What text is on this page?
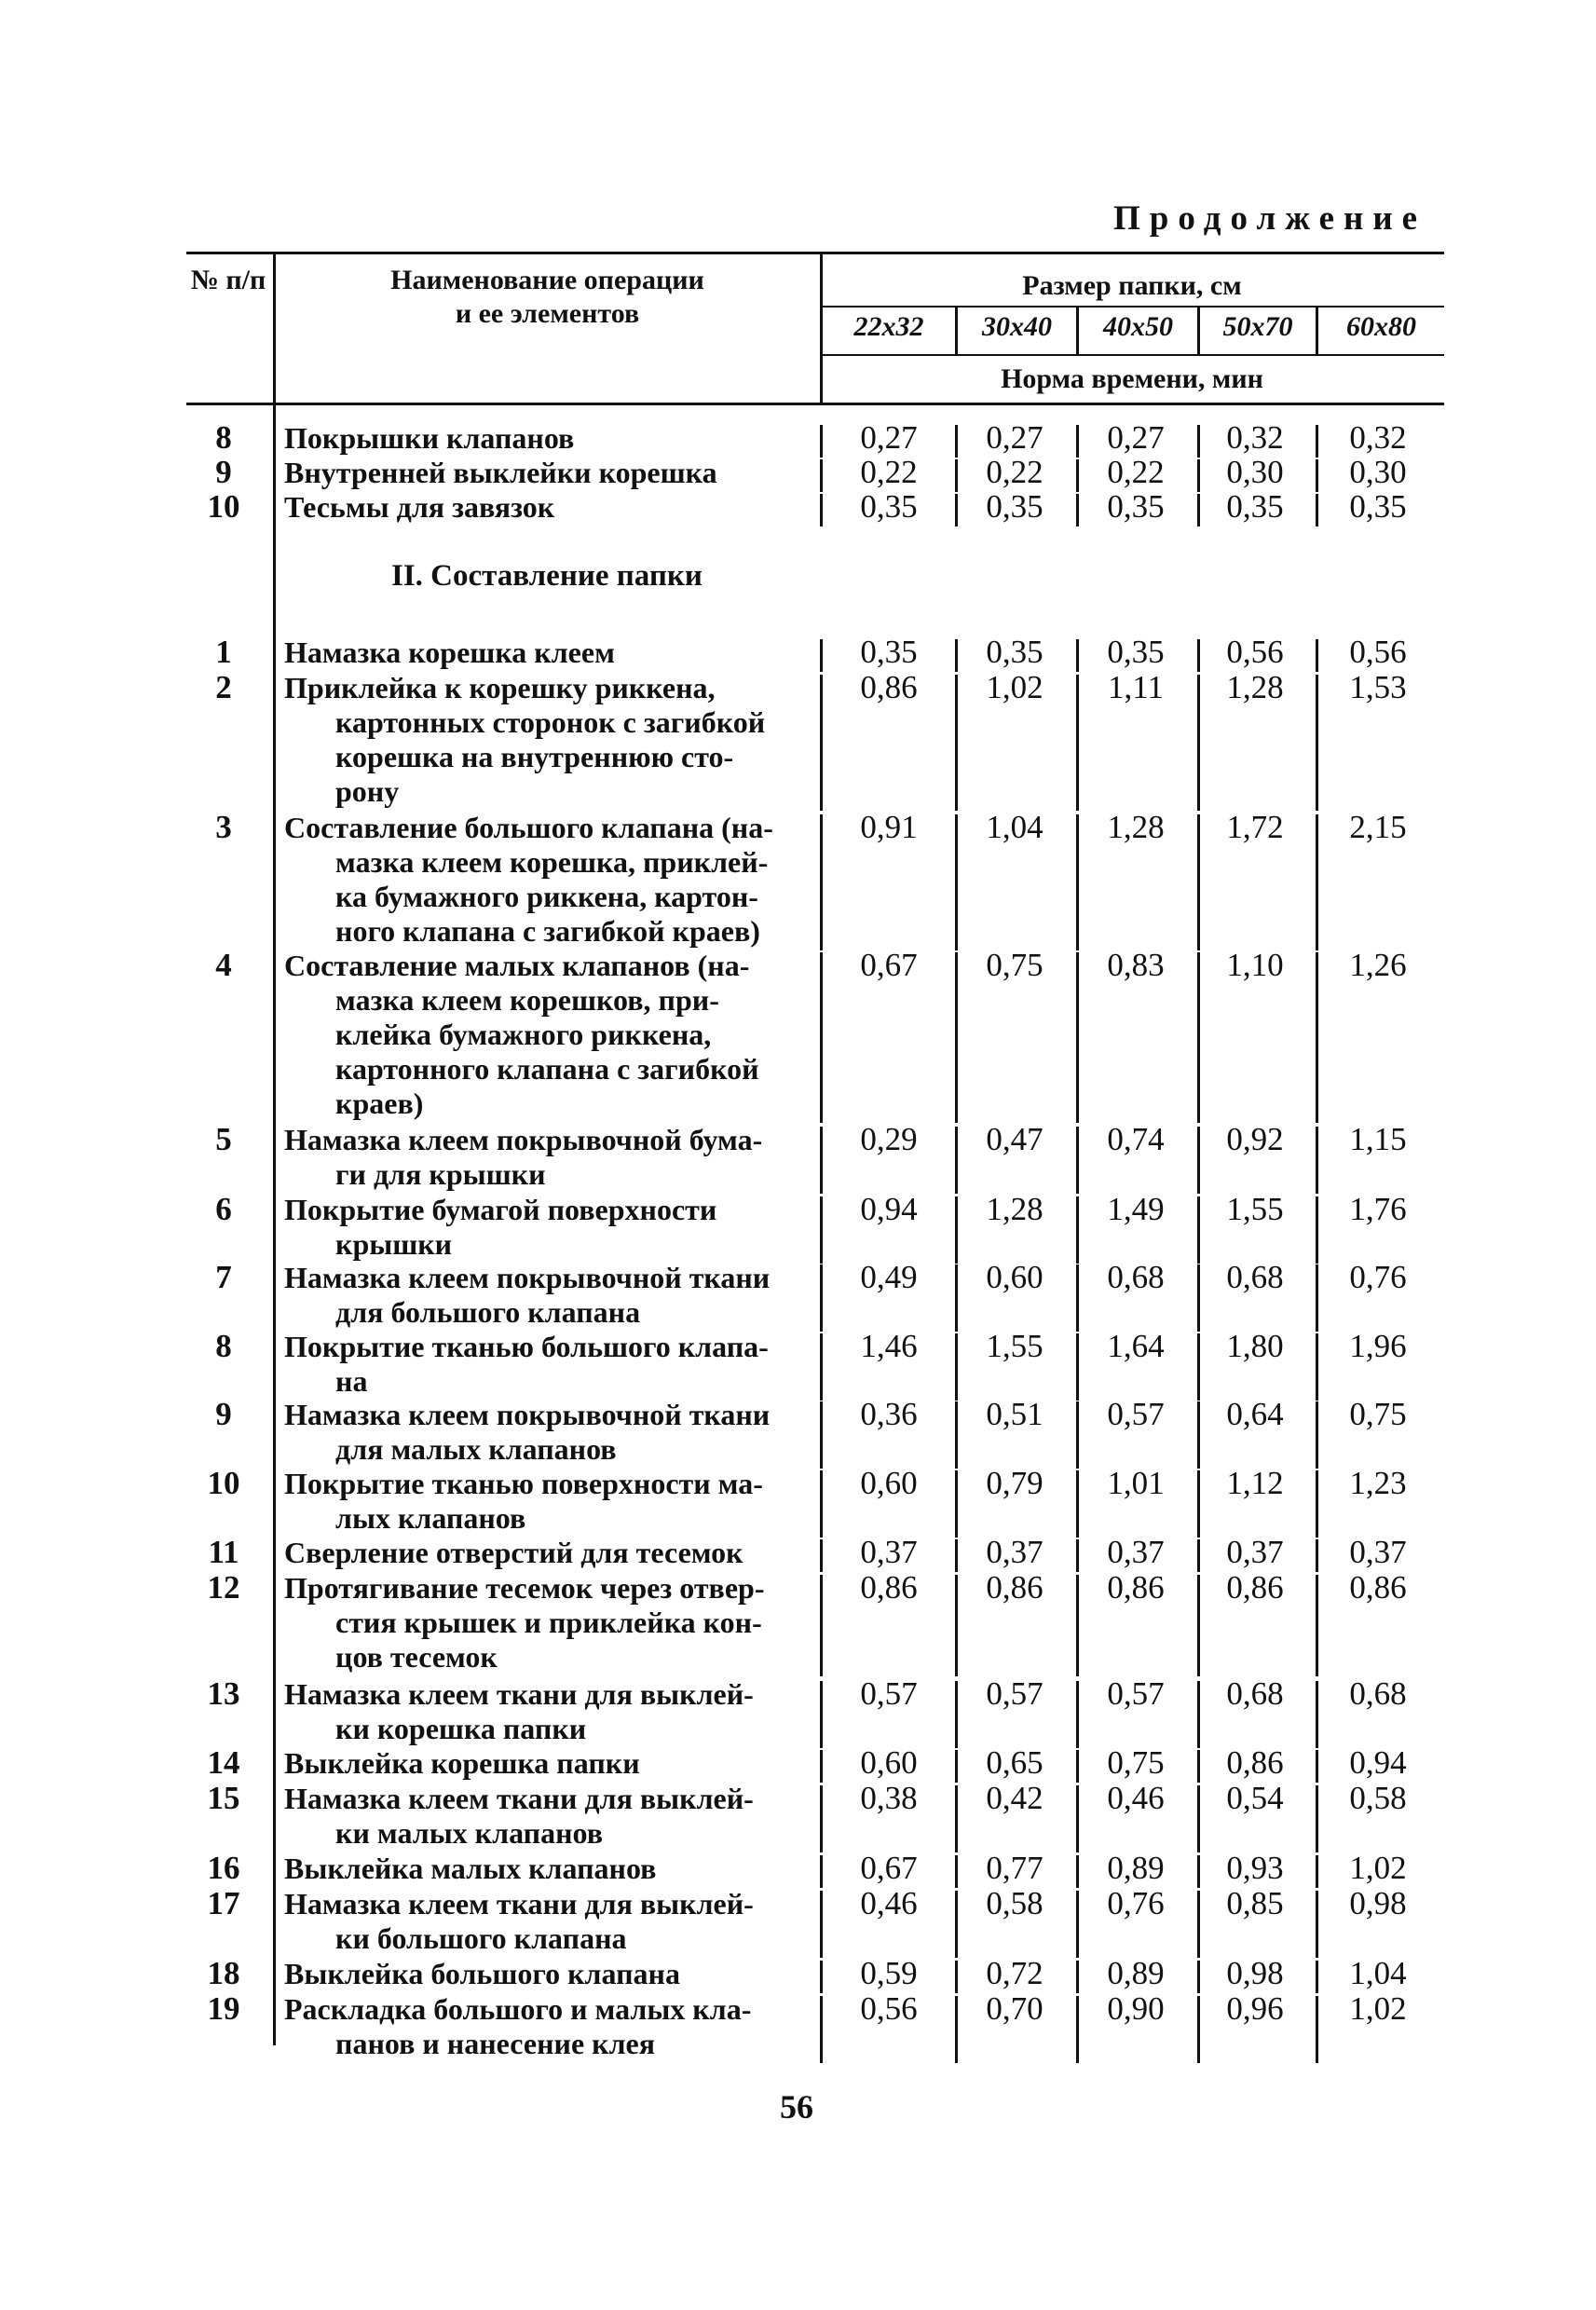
Продолжение
№ п/п	Наименование операции
и ее элементов
Размер папки, см
22x32	30x40	40x50	50x70	60x80
Норма времени, мин
8	Покрышки клапанов	0,27	0,27	0,27	0,32	0,32
9	Внутренней выклейки корешка	0,22	0,22	0,22	0,30	0,30
10	Тесьмы для завязок	0,35	0,35	0,35	0,35	0,35
1	Намазка корешка клеем	0,35	0,35	0,35	0,56	0,56
2	Приклейка к корешку риккена,
картонных сторонок с загибкой
корешка на внутреннюю сто-
рону
0,86	1,02	1,11	1,28	1,53
3	Составление большого клапана (на-
мазка клеем корешка, приклей-
ка бумажного риккена, картон-
ного клапана с загибкой краев)
0,91	1,04	1,28	1,72	2,15
4	Составление малых клапанов (на-
мазка клеем корешков, при-
клейка бумажного риккена,
картонного клапана с загибкой
краев)
0,67	0,75	0,83	1,10	1,26
5	Намазка клеем покрывочной бума-
ги для крышки
0,29	0,47	0,74	0,92	1,15
6	Покрытие бумагой поверхности
крышки
0,94	1,28	1,49	1,55	1,76
7	Намазка клеем покрывочной ткани
для большого клапана
0,49	0,60	0,68	0,68	0,76
8	Покрытие тканью большого клапа-
на
1,46	1,55	1,64	1,80	1,96
9	Намазка клеем покрывочной ткани
для малых клапанов
0,36	0,51	0,57	0,64	0,75
10	Покрытие тканью поверхности ма-
лых клапанов
0,60	0,79	1,01	1,12	1,23
11	Сверление отверстий для тесемок	0,37	0,37	0,37	0,37	0,37
12	Протягивание тесемок через отвер-
стия крышек и приклейка кон-
цов тесемок
0,86	0,86	0,86	0,86	0,86
13	Намазка клеем ткани для выклей-
ки корешка папки
0,57	0,57	0,57	0,68	0,68
14	Выклейка корешка папки	0,60	0,65	0,75	0,86	0,94
15	Намазка клеем ткани для выклей-
ки малых клапанов
0,38	0,42	0,46	0,54	0,58
16	Выклейка малых клапанов	0,67	0,77	0,89	0,93	1,02
17	Намазка клеем ткани для выклей-
ки большого клапана
0,46	0,58	0,76	0,85	0,98
18	Выклейка большого клапана	0,59	0,72	0,89	0,98	1,04
19	Раскладка большого и малых кла-
панов и нанесение клея
0,56	0,70	0,90	0,96	1,02
II. Составление папки
56
